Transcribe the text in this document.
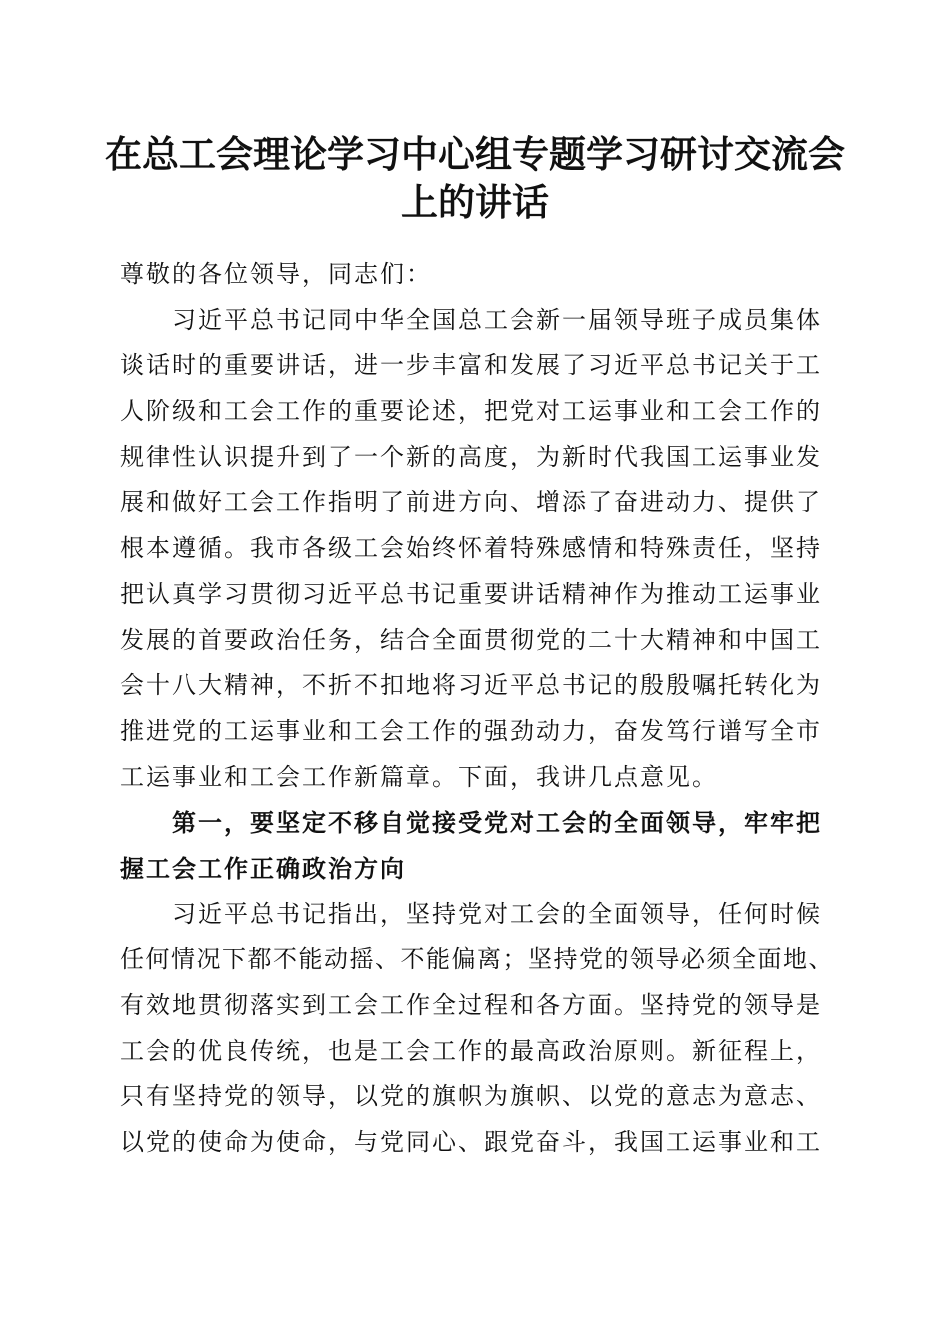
在总工会理论学习中心组专题学习研讨交流会
上的讲话
尊敬的各位领导，同志们：
习近平总书记同中华全国总工会新一届领导班子成员集体
谈话时的重要讲话，进一步丰富和发展了习近平总书记关于工
人阶级和工会工作的重要论述，把党对工运事业和工会工作的
规律性认识提升到了一个新的高度，为新时代我国工运事业发
展和做好工会工作指明了前进方向、增添了奋进动力、提供了
根本遵循。我市各级工会始终怀着特殊感情和特殊责任，坚持
把认真学习贯彻习近平总书记重要讲话精神作为推动工运事业
发展的首要政治任务，结合全面贯彻党的二十大精神和中国工
会十八大精神，不折不扣地将习近平总书记的殷殷嘱托转化为
推进党的工运事业和工会工作的强劲动力，奋发笃行谱写全市
工运事业和工会工作新篇章。下面，我讲几点意见。
第一，要坚定不移自觉接受党对工会的全面领导，牢牢把
握工会工作正确政治方向
习近平总书记指出，坚持党对工会的全面领导，任何时候
任何情况下都不能动摇、不能偏离；坚持党的领导必须全面地、
有效地贯彻落实到工会工作全过程和各方面。坚持党的领导是
工会的优良传统，也是工会工作的最高政治原则。新征程上，
只有坚持党的领导，以党的旗帜为旗帜、以党的意志为意志、
以党的使命为使命，与党同心、跟党奋斗，我国工运事业和工
